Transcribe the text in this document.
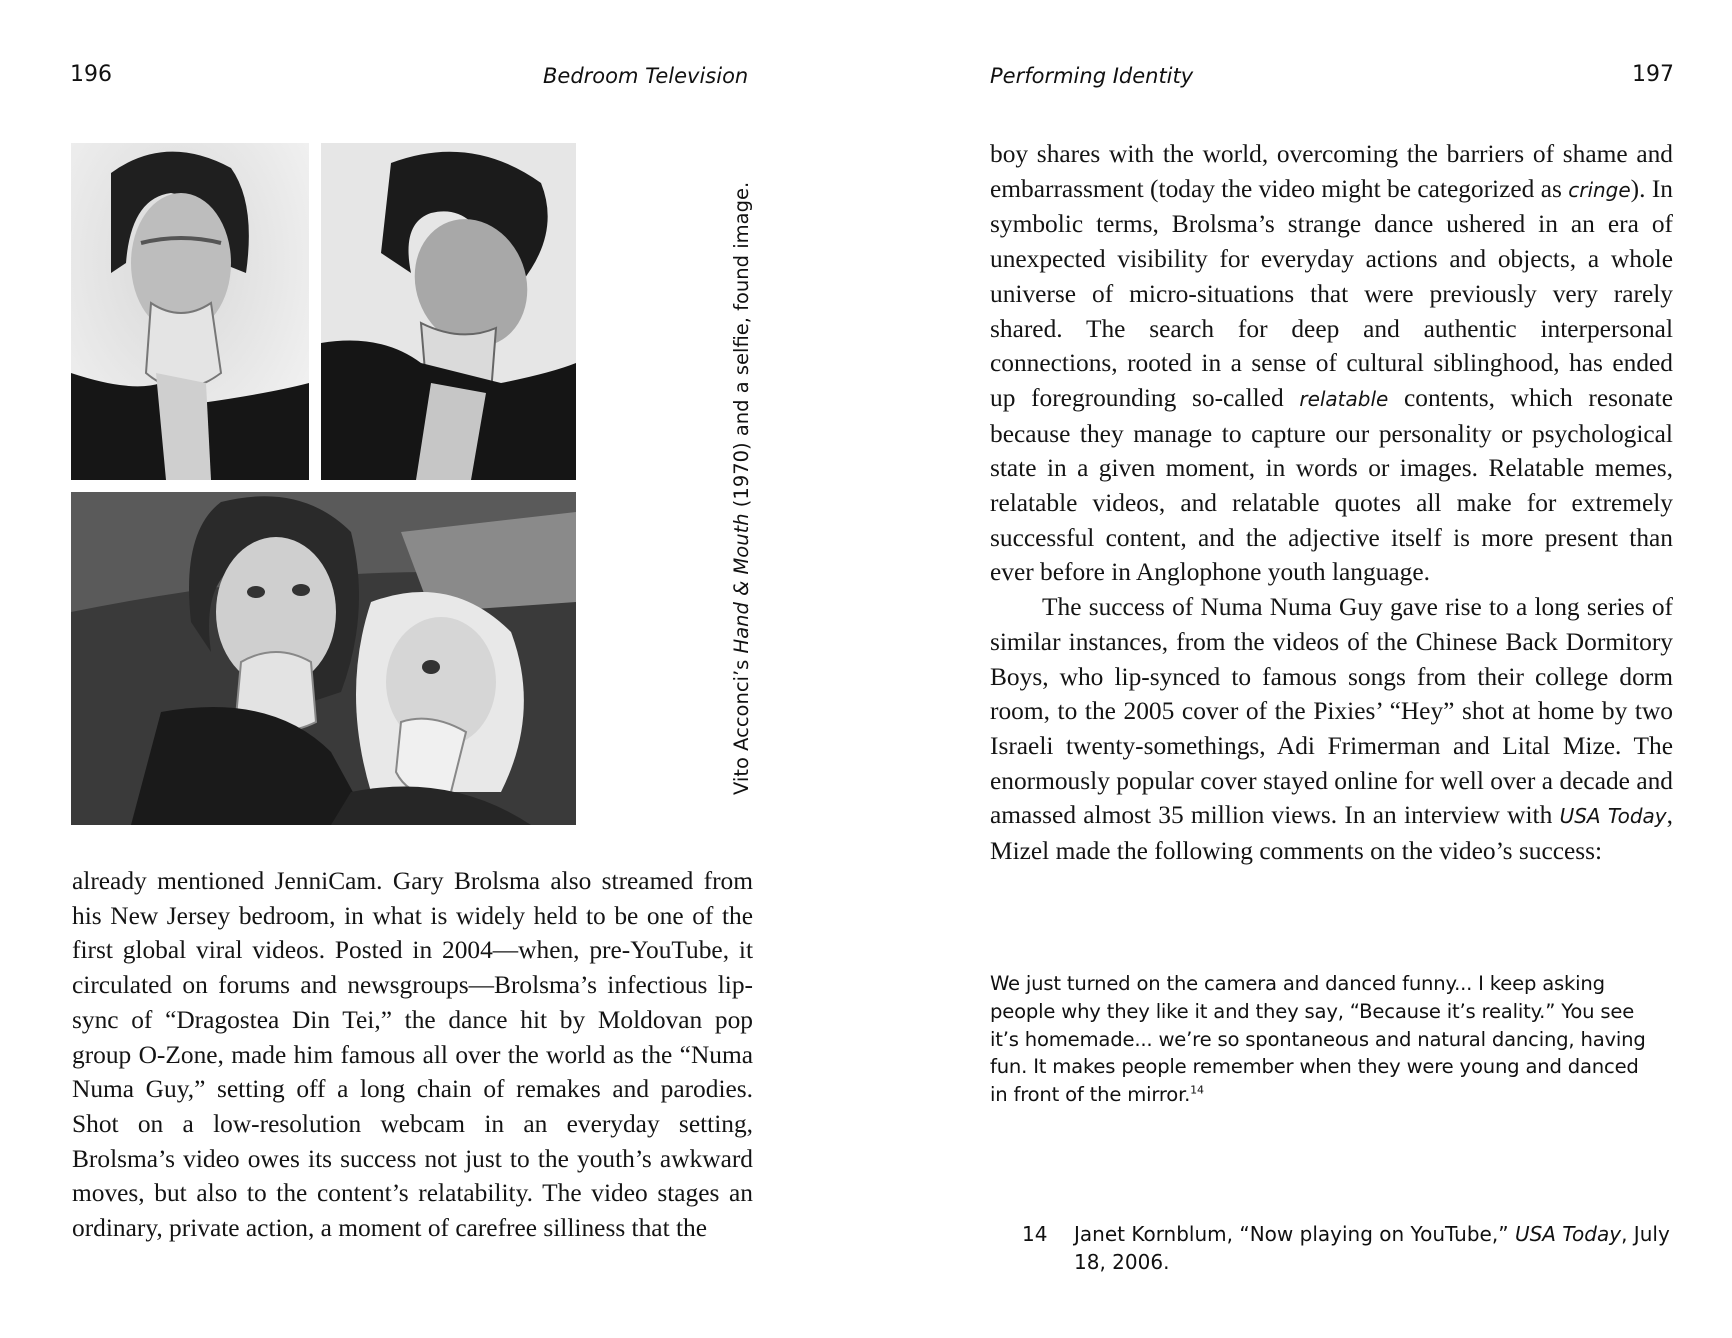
196	Bedroom Television
Vito Acconci’s Hand & Mouth (1970) and a selfie, found image.

already mentioned JenniCam. Gary Brolsma also streamed from his New Jersey bedroom, in what is widely held to be one of the first global viral videos. Posted in 2004—when, pre-YouTube, it circulated on forums and newsgroups—Brolsma’s infectious lip-sync of “Dragostea Din Tei,” the dance hit by Moldovan pop group O-Zone, made him famous all over the world as the “Numa Numa Guy,” setting off a long chain of remakes and parodies. Shot on a low-resolution webcam in an everyday setting, Brolsma’s video owes its success not just to the youth’s awkward moves, but also to the content’s relatability. The video stages an ordinary, private action, a moment of carefree silliness that the

Performing Identity	197

boy shares with the world, overcoming the barriers of shame and embarrassment (today the video might be categorized as cringe). In symbolic terms, Brolsma’s strange dance ushered in an era of unexpected visibility for everyday actions and objects, a whole universe of micro-situations that were previously very rarely shared. The search for deep and authentic interpersonal connections, rooted in a sense of cultural siblinghood, has ended up foregrounding so-called relatable contents, which resonate because they manage to capture our personality or psychological state in a given moment, in words or images. Relatable memes, relatable videos, and relatable quotes all make for extremely successful content, and the adjective itself is more present than ever before in Anglophone youth language.

The success of Numa Numa Guy gave rise to a long series of similar instances, from the videos of the Chinese Back Dormitory Boys, who lip-synced to famous songs from their college dorm room, to the 2005 cover of the Pixies’ “Hey” shot at home by two Israeli twenty-somethings, Adi Frimerman and Lital Mize. The enormously popular cover stayed online for well over a decade and amassed almost 35 million views. In an interview with USA Today, Mizel made the following comments on the video’s success:

We just turned on the camera and danced funny... I keep asking people why they like it and they say, “Because it’s reality.” You see it’s homemade... we’re so spontaneous and natural dancing, having fun. It makes people remember when they were young and danced in front of the mirror.$^{14}$

14 Janet Kornblum, “Now playing on YouTube,” USA Today, July 18, 2006.
